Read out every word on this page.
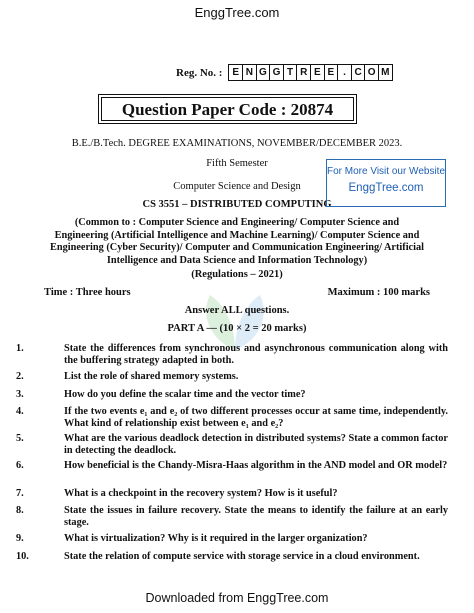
EnggTree.com
Reg. No. : E N G G T R E E . C O M
Question Paper Code : 20874
B.E./B.Tech. DEGREE EXAMINATIONS, NOVEMBER/DECEMBER 2023.
Fifth Semester
Computer Science and Design
CS 3551 – DISTRIBUTED COMPUTING
For More Visit our Website
EnggTree.com
(Common to : Computer Science and Engineering/ Computer Science and Engineering (Artificial Intelligence and Machine Learning)/ Computer Science and Engineering (Cyber Security)/ Computer and Communication Engineering/ Artificial Intelligence and Data Science and Information Technology)
(Regulations – 2021)
Time : Three hours	Maximum : 100 marks
Answer ALL questions.
PART A — (10 × 2 = 20 marks)
1.	State the differences from synchronous and asynchronous communication along with the buffering strategy adapted in both.
2.	List the role of shared memory systems.
3.	How do you define the scalar time and the vector time?
4.	If the two events e₁ and e₂ of two different processes occur at same time, independently. What kind of relationship exist between e₁ and e₂?
5.	What are the various deadlock detection in distributed systems? State a common factor in detecting the deadlock.
6.	How beneficial is the Chandy-Misra-Haas algorithm in the AND model and OR model?
7.	What is a checkpoint in the recovery system? How is it useful?
8.	State the issues in failure recovery. State the means to identify the failure at an early stage.
9.	What is virtualization? Why is it required in the larger organization?
10.	State the relation of compute service with storage service in a cloud environment.
Downloaded from EnggTree.com
